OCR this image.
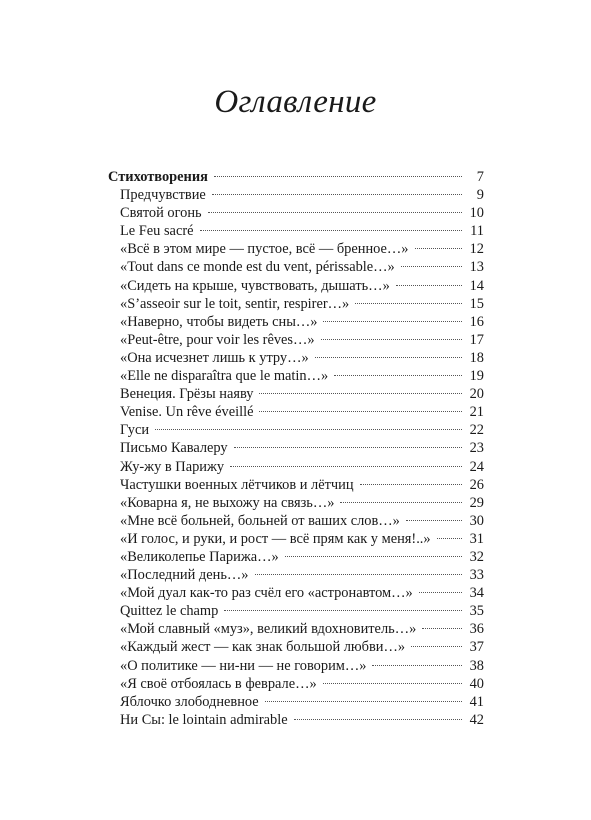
Оглавление
Стихотворения	7
Предчувствие	9
Святой огонь	10
Le Feu sacré	11
«Всё в этом мире — пустое, всё — бренное…»	12
«Tout dans ce monde est du vent, périssable…»	13
«Сидеть на крыше, чувствовать, дышать…»	14
«S’asseoir sur le toit, sentir, respirer…»	15
«Наверно, чтобы видеть сны…»	16
«Peut-être, pour voir les rêves…»	17
«Она исчезнет лишь к утру…»	18
«Elle ne disparaîtra que le matin…»	19
Венеция. Грёзы наяву	20
Venise. Un rêve éveillé	21
Гуси	22
Письмо Кавалеру	23
Жу-жу в Парижу	24
Частушки военных лётчиков и лётчиц	26
«Коварна я, не выхожу на связь…»	29
«Мне всё больней, больней от ваших слов…»	30
«И голос, и руки, и рост — всё прям как у меня!..»	31
«Великолепье Парижа…»	32
«Последний день…»	33
«Мой дуал как-то раз счёл его «астронавтом…»	34
Quittez le champ	35
«Мой славный «муз», великий вдохновитель…»	36
«Каждый жест — как знак большой любви…»	37
«О политике — ни-ни — не говорим…»	38
«Я своё отбоялась в феврале…»	40
Яблочко злободневное	41
Ни Сы: le lointain admirable	42
